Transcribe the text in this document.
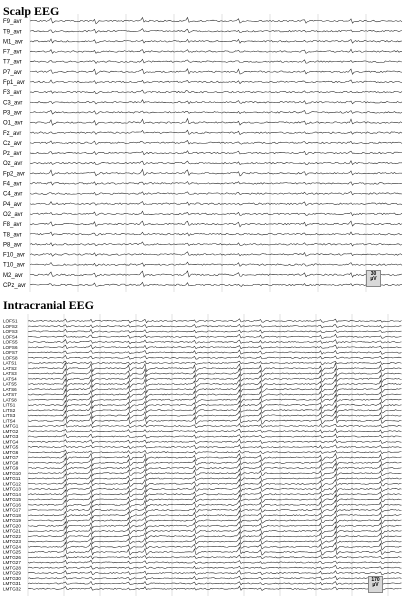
Scalp EEG
F9_avr
T9_avr
M1_avr
F7_avr
T7_avr
P7_avr
Fp1_avr
F3_avr
C3_avr
P3_avr
O1_avr
Fz_avr
Cz_avr
Pz_avr
Oz_avr
Fp2_avr
F4_avr
C4_avr
P4_avr
O2_avr
F8_avr
T8_avr
P8_avr
F10_avr
T10_avr
M2_avr
CPz_avr
30
µV
Intracranial EEG
LOFS1
LOFS2
LOFS3
LOFS4
LOFS5
LOFS6
LOFS7
LOFS8
LATS1
LATS2
LATS3
LATS4
LATS5
LATS6
LATS7
LATS8
LITS1
LITS2
LITS3
LITS4
LMTG1
LMTG2
LMTG3
LMTG4
LMTG5
LMTG6
LMTG7
LMTG8
LMTG9
LMTG10
LMTG11
LMTG12
LMTG13
LMTG14
LMTG15
LMTG16
LMTG17
LMTG18
LMTG19
LMTG20
LMTG21
LMTG22
LMTG23
LMTG24
LMTG25
LMTG26
LMTG27
LMTG28
LMTG29
LMTG30
LMTG31
LMTG32
170
µV
